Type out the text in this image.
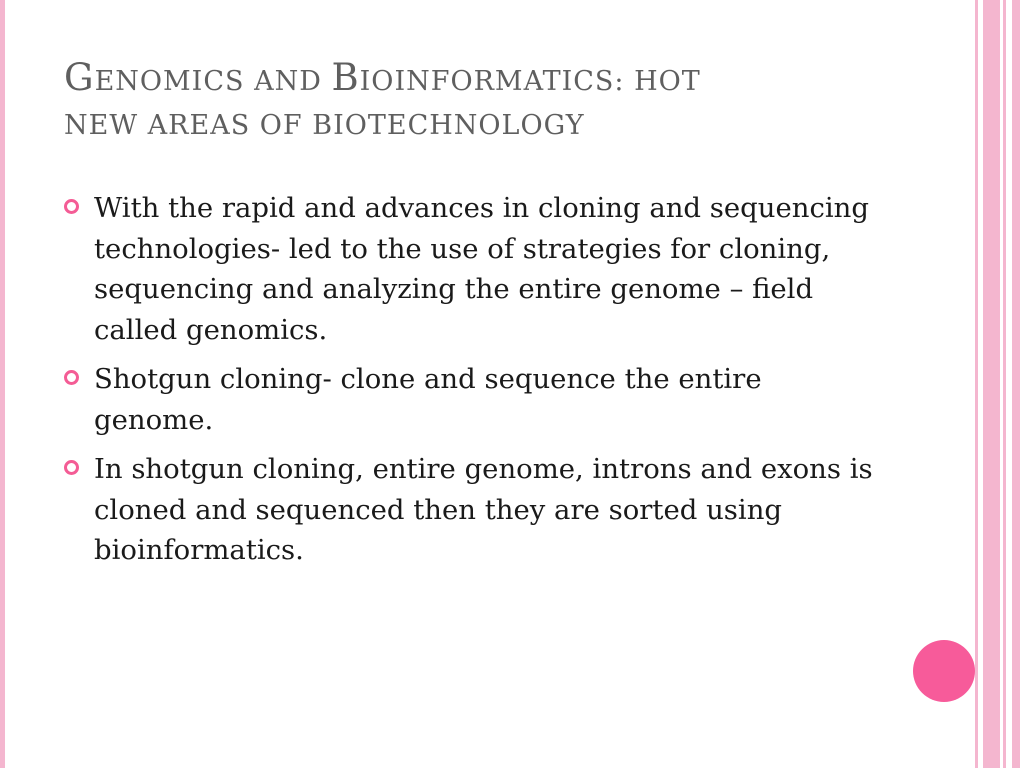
GENOMICS AND BIOINFORMATICS: HOT
NEW AREAS OF BIOTECHNOLOGY
With the rapid and advances in cloning and sequencing technologies- led to the use of strategies for cloning, sequencing and analyzing the entire genome – field called genomics.
Shotgun cloning- clone and sequence the entire genome.
In shotgun cloning, entire genome, introns and exons is cloned and sequenced then they are sorted using bioinformatics.
